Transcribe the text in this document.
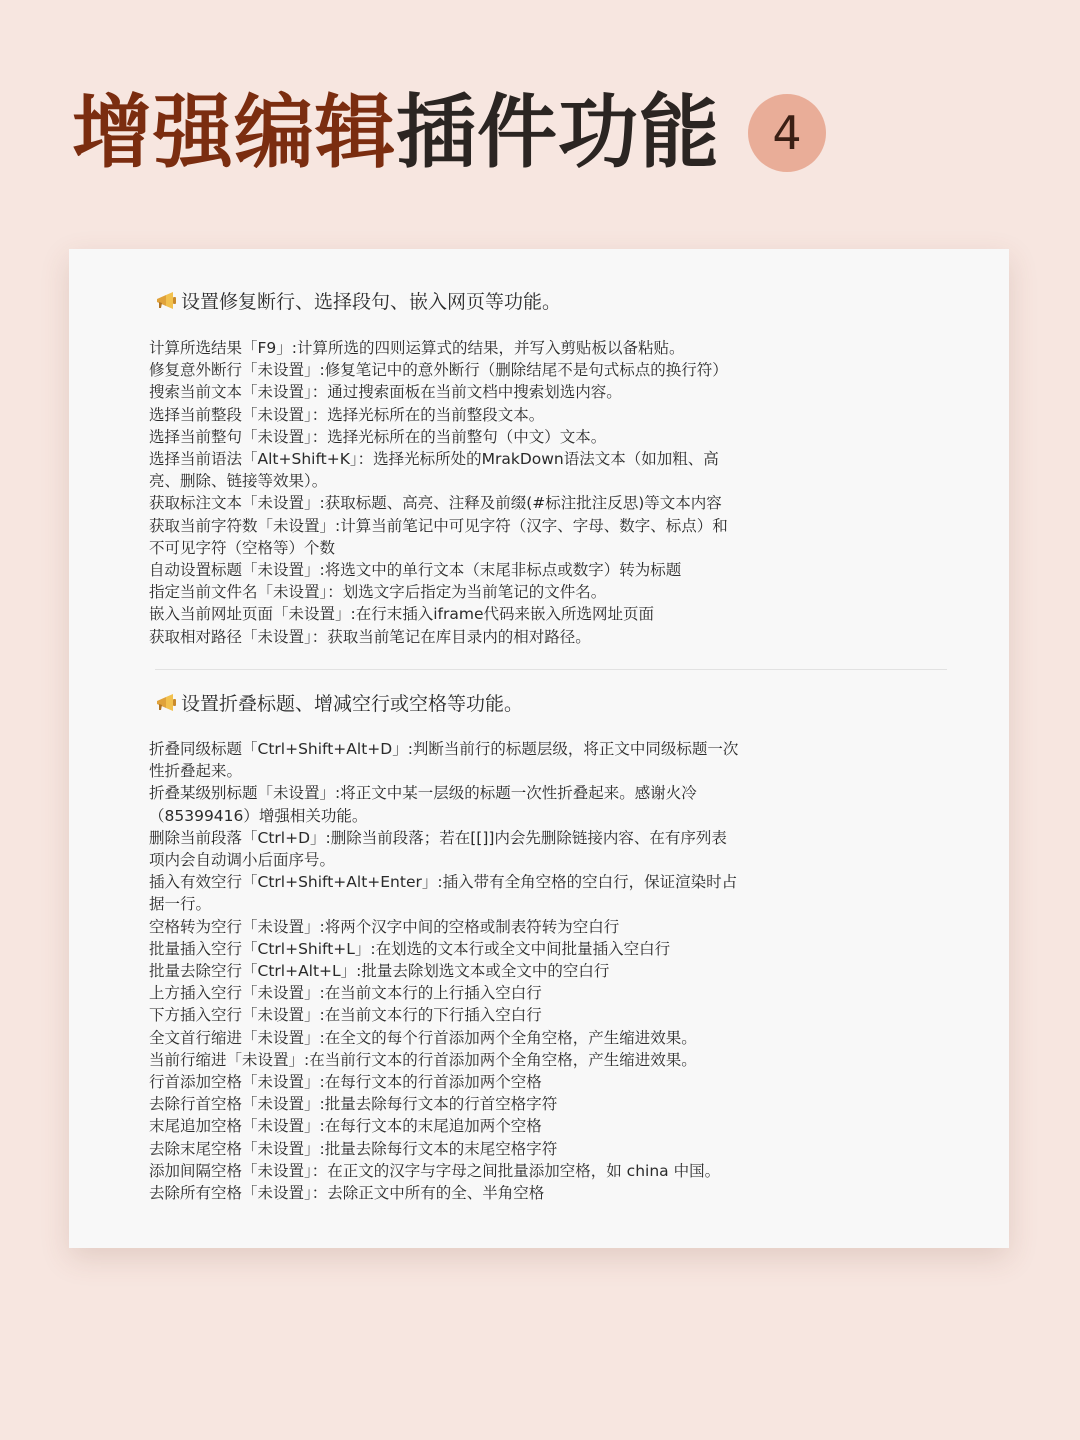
增强编辑 插件功能	4
设置修复断行、选择段句、嵌入网页等功能。
计算所选结果「F9」:计算所选的四则运算式的结果，并写入剪贴板以备粘贴。
修复意外断行「未设置」:修复笔记中的意外断行（删除结尾不是句式标点的换行符）
搜索当前文本「未设置」：通过搜索面板在当前文档中搜索划选内容。
选择当前整段「未设置」：选择光标所在的当前整段文本。
选择当前整句「未设置」：选择光标所在的当前整句（中文）文本。
选择当前语法「Alt+Shift+K」：选择光标所处的MrakDown语法文本（如加粗、高
亮、删除、链接等效果）。
获取标注文本「未设置」:获取标题、高亮、注释及前缀(#标注批注反思)等文本内容
获取当前字符数「未设置」:计算当前笔记中可见字符（汉字、字母、数字、标点）和
不可见字符（空格等）个数
自动设置标题「未设置」:将选文中的单行文本（末尾非标点或数字）转为标题
指定当前文件名「未设置」：划选文字后指定为当前笔记的文件名。
嵌入当前网址页面「未设置」:在行末插入iframe代码来嵌入所选网址页面
获取相对路径「未设置」：获取当前笔记在库目录内的相对路径。
设置折叠标题、增减空行或空格等功能。
折叠同级标题「Ctrl+Shift+Alt+D」:判断当前行的标题层级，将正文中同级标题一次
性折叠起来。
折叠某级别标题「未设置」:将正文中某一层级的标题一次性折叠起来。感谢火冷
（85399416）增强相关功能。
删除当前段落「Ctrl+D」:删除当前段落；若在[[]]内会先删除链接内容、在有序列表
项内会自动调小后面序号。
插入有效空行「Ctrl+Shift+Alt+Enter」:插入带有全角空格的空白行，保证渲染时占
据一行。
空格转为空行「未设置」:将两个汉字中间的空格或制表符转为空白行
批量插入空行「Ctrl+Shift+L」:在划选的文本行或全文中间批量插入空白行
批量去除空行「Ctrl+Alt+L」:批量去除划选文本或全文中的空白行
上方插入空行「未设置」:在当前文本行的上行插入空白行
下方插入空行「未设置」:在当前文本行的下行插入空白行
全文首行缩进「未设置」:在全文的每个行首添加两个全角空格，产生缩进效果。
当前行缩进「未设置」:在当前行文本的行首添加两个全角空格，产生缩进效果。
行首添加空格「未设置」:在每行文本的行首添加两个空格
去除行首空格「未设置」:批量去除每行文本的行首空格字符
末尾追加空格「未设置」:在每行文本的末尾追加两个空格
去除末尾空格「未设置」:批量去除每行文本的末尾空格字符
添加间隔空格「未设置」：在正文的汉字与字母之间批量添加空格，如 china 中国。
去除所有空格「未设置」：去除正文中所有的全、半角空格
